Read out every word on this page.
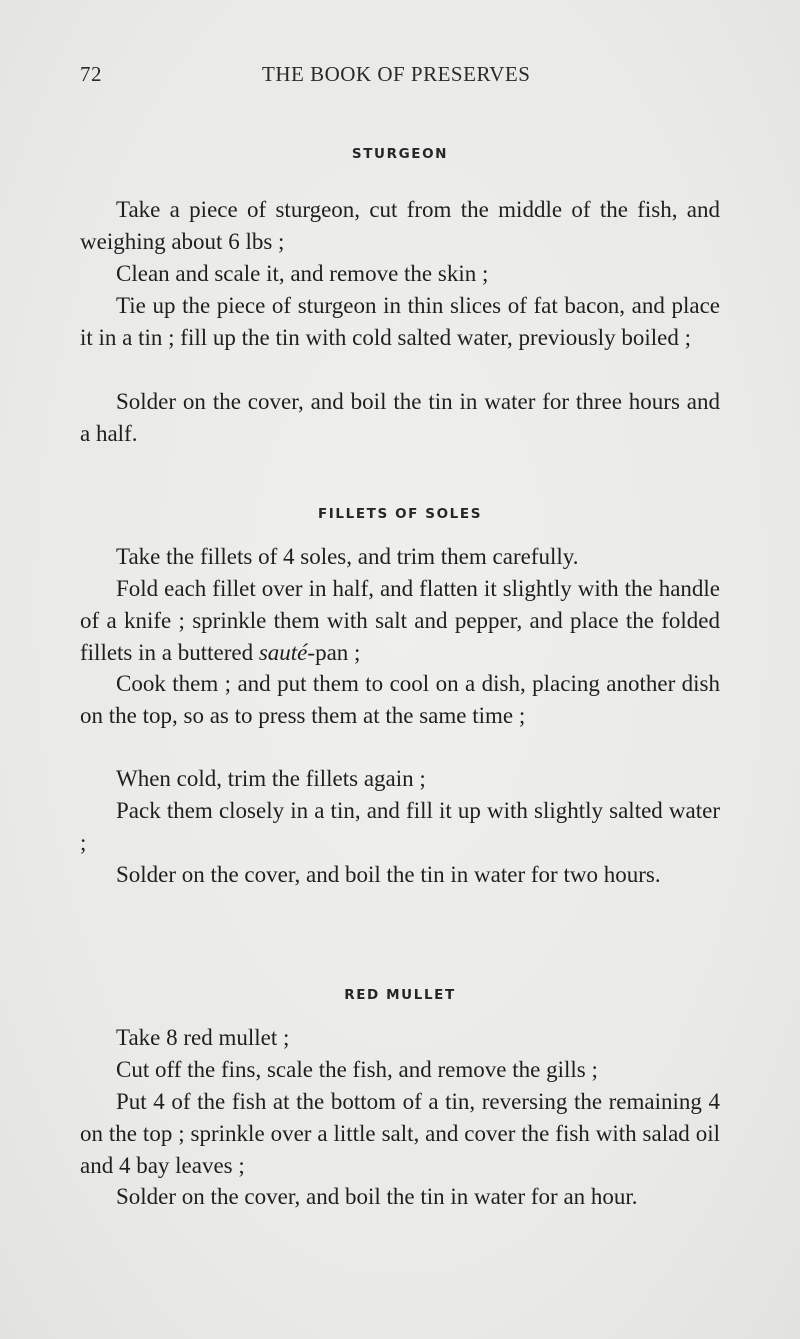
72	THE BOOK OF PRESERVES
STURGEON

Take a piece of sturgeon, cut from the middle of the fish, and weighing about 6 lbs ;

Clean and scale it, and remove the skin ;

Tie up the piece of sturgeon in thin slices of fat bacon, and place it in a tin ; fill up the tin with cold salted water, previously boiled ;

Solder on the cover, and boil the tin in water for three hours and a half.

FILLETS OF SOLES

Take the fillets of 4 soles, and trim them carefully.

Fold each fillet over in half, and flatten it slightly with the handle of a knife ; sprinkle them with salt and pepper, and place the folded fillets in a buttered sauté-pan ;

Cook them ; and put them to cool on a dish, placing another dish on the top, so as to press them at the same time ;

When cold, trim the fillets again ;

Pack them closely in a tin, and fill it up with slightly salted water ;

Solder on the cover, and boil the tin in water for two hours.

RED MULLET

Take 8 red mullet ;

Cut off the fins, scale the fish, and remove the gills ;

Put 4 of the fish at the bottom of a tin, reversing the remaining 4 on the top ; sprinkle over a little salt, and cover the fish with salad oil and 4 bay leaves ;

Solder on the cover, and boil the tin in water for an hour.
